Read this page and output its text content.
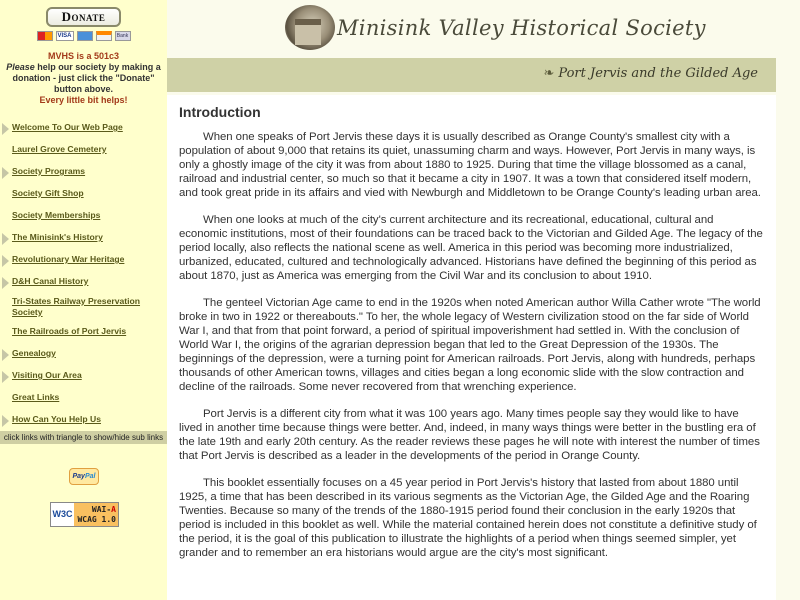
Donate
VISA	Bank
MVHS is a 501c3
Please help our society by making a donation - just click the "Donate" button above.
Every little bit helps!
Welcome To Our Web Page
Laurel Grove Cemetery
Society Programs
Society Gift Shop
Society Memberships
The Minisink's History
Revolutionary War Heritage
D&H Canal History
Tri-States Railway Preservation Society
The Railroads of Port Jervis
Genealogy
Visiting Our Area
Great Links
How Can You Help Us
click links with triangle to show/hide sub links
PayPal
W3C	WAI-A
WCAG 1.0
Minisink Valley Historical Society
❧ Port Jervis and the Gilded Age
Introduction

When one speaks of Port Jervis these days it is usually described as Orange County's smallest city with a population of about 9,000 that retains its quiet, unassuming charm and ways. However, Port Jervis in many ways, is only a ghostly image of the city it was from about 1880 to 1925. During that time the village blossomed as a canal, railroad and industrial center, so much so that it became a city in 1907. It was a town that considered itself modern, and took great pride in its affairs and vied with Newburgh and Middletown to be Orange County's leading urban area.

When one looks at much of the city's current architecture and its recreational, educational, cultural and economic institutions, most of their foundations can be traced back to the Victorian and Gilded Age. The legacy of the period locally, also reflects the national scene as well. America in this period was becoming more industrialized, urbanized, educated, cultured and technologically advanced. Historians have defined the beginning of this period as about 1870, just as America was emerging from the Civil War and its conclusion to about 1910.

The genteel Victorian Age came to end in the 1920s when noted American author Willa Cather wrote "The world broke in two in 1922 or thereabouts." To her, the whole legacy of Western civilization stood on the far side of World War I, and that from that point forward, a period of spiritual impoverishment had settled in. With the conclusion of World War I, the origins of the agrarian depression began that led to the Great Depression of the 1930s. The beginnings of the depression, were a turning point for American railroads. Port Jervis, along with hundreds, perhaps thousands of other American towns, villages and cities began a long economic slide with the slow contraction and decline of the railroads. Some never recovered from that wrenching experience.

Port Jervis is a different city from what it was 100 years ago. Many times people say they would like to have lived in another time because things were better. And, indeed, in many ways things were better in the bustling era of the late 19th and early 20th century. As the reader reviews these pages he will note with interest the number of times that Port Jervis is described as a leader in the developments of the period in Orange County.

This booklet essentially focuses on a 45 year period in Port Jervis's history that lasted from about 1880 until 1925, a time that has been described in its various segments as the Victorian Age, the Gilded Age and the Roaring Twenties. Because so many of the trends of the 1880-1915 period found their conclusion in the early 1920s that period is included in this booklet as well. While the material contained herein does not constitute a definitive study of the period, it is the goal of this publication to illustrate the highlights of a period when things seemed simpler, yet grander and to remember an era historians would argue are the city's most significant.
